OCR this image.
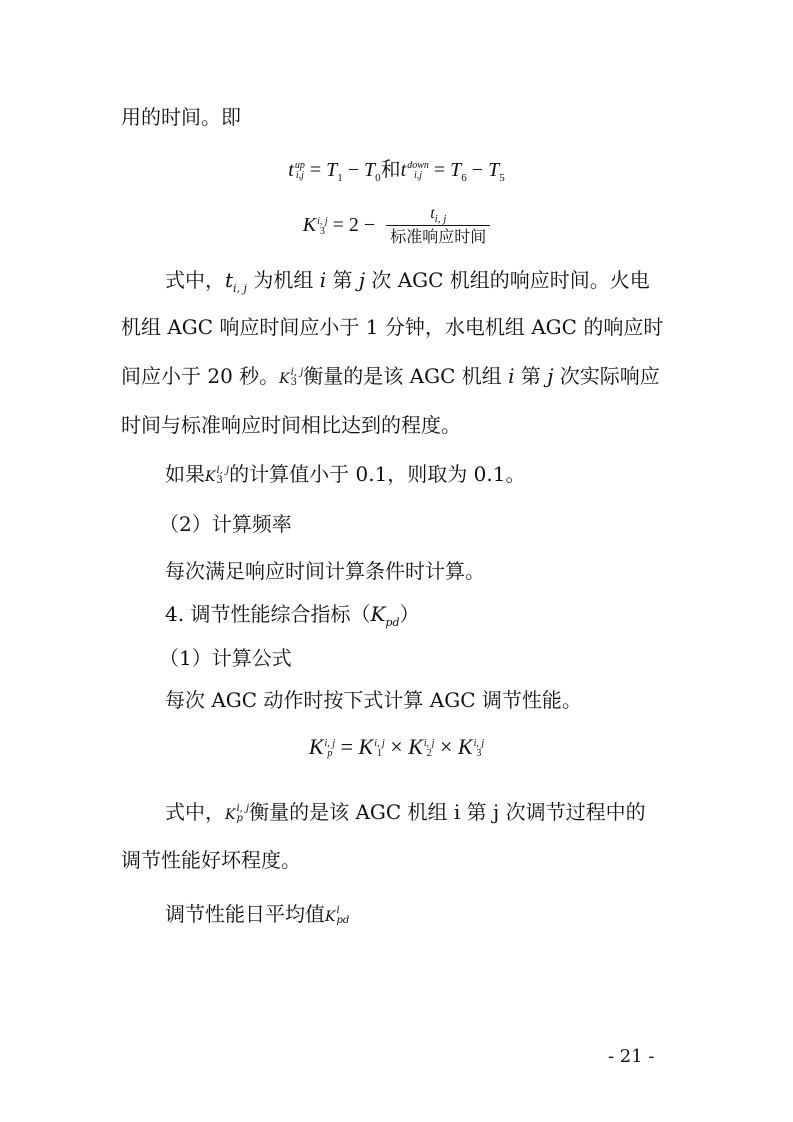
用的时间。即
t up
$i,j = T_1 - T_0$和t down
$i,j = T_6 - T_5$
K i, j
$3 = 2 - \frac{t_{i, j}}{\text{标准响应时间}}$
式中，$t_{i, j}$ 为机组 i 第 j 次 AGC 机组的响应时间。火电
机组 AGC 响应时间应小于 1 分钟，水电机组 AGC 的响应时
间应小于 20 秒。K i, j
3 衡量的是该 AGC 机组 i 第 j 次实际响应
时间与标准响应时间相比达到的程度。
如果K i, j
3 的计算值小于 0.1，则取为 0.1。
（2）计算频率
每次满足响应时间计算条件时计算。
4. 调节性能综合指标$(K_{pd})$
（1）计算公式
每次 AGC 动作时按下式计算 AGC 调节性能。
K i, j
p = K i, j
1 × K i, j
2 × K i, j
3
式中，K i, j
p 衡量的是该 AGC 机组 i 第 j 次调节过程中的
调节性能好坏程度。
调节性能日平均值K i
pd
- 21 -
